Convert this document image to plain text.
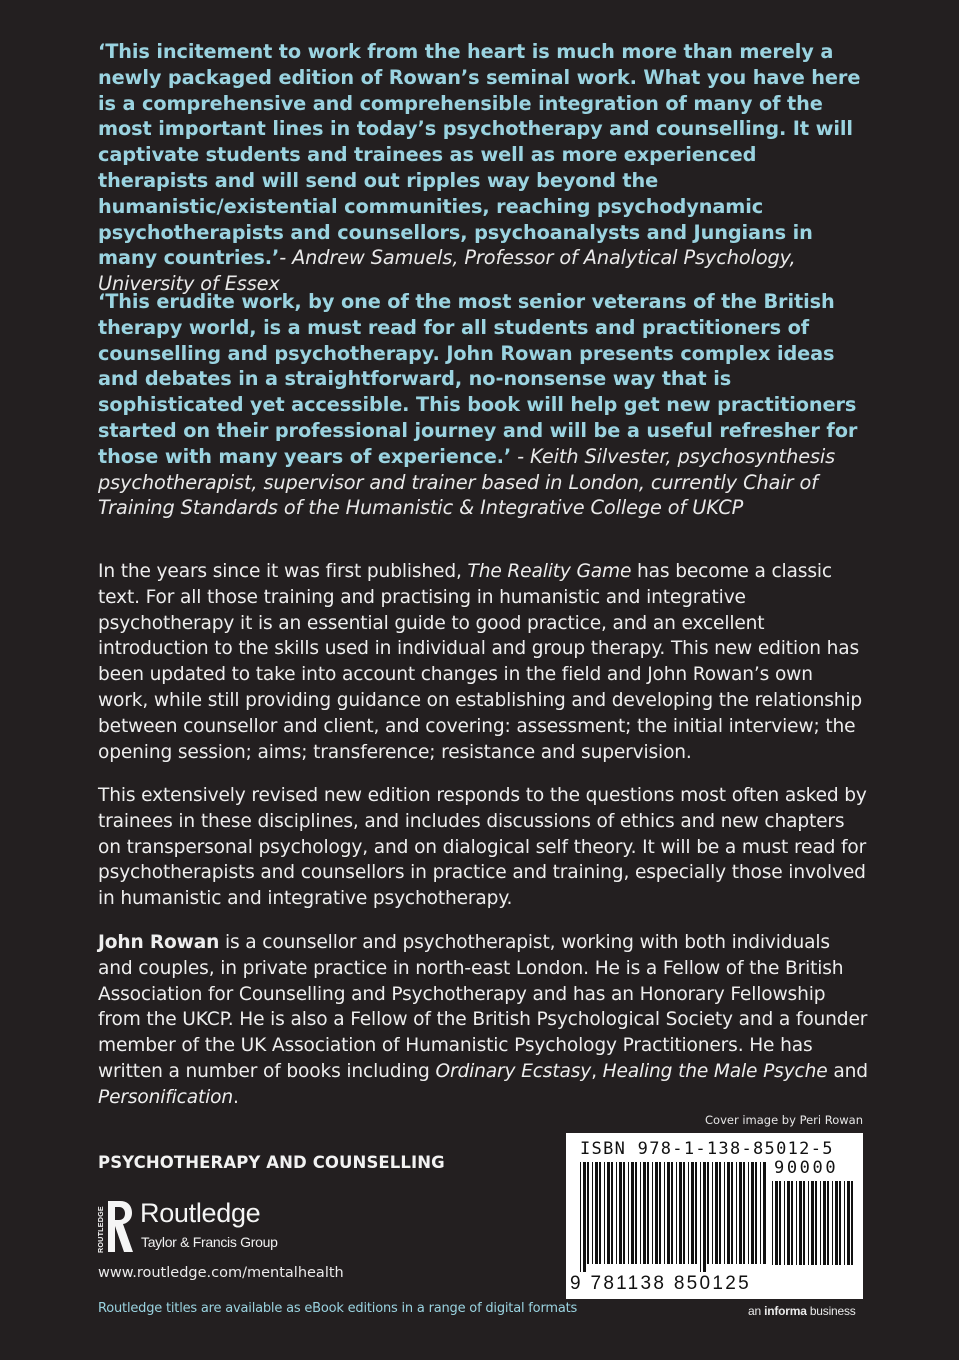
‘This incitement to work from the heart is much more than merely a newly packaged edition of Rowan’s seminal work. What you have here is a comprehensive and comprehensible integration of many of the most important lines in today’s psychotherapy and counselling. It will captivate students and trainees as well as more experienced therapists and will send out ripples way beyond the humanistic/existential communities, reaching psychodynamic psychotherapists and counsellors, psychoanalysts and Jungians in many countries.’- Andrew Samuels, Professor of Analytical Psychology, University of Essex
‘This erudite work, by one of the most senior veterans of the British therapy world, is a must read for all students and practitioners of counselling and psychotherapy. John Rowan presents complex ideas and debates in a straightforward, no-nonsense way that is sophisticated yet accessible. This book will help get new practitioners started on their professional journey and will be a useful refresher for those with many years of experience.’ - Keith Silvester, psychosynthesis psychotherapist, supervisor and trainer based in London, currently Chair of Training Standards of the Humanistic & Integrative College of UKCP
In the years since it was first published, The Reality Game has become a classic text. For all those training and practising in humanistic and integrative psychotherapy it is an essential guide to good practice, and an excellent introduction to the skills used in individual and group therapy. This new edition has been updated to take into account changes in the field and John Rowan’s own work, while still providing guidance on establishing and developing the relationship between counsellor and client, and covering: assessment; the initial interview; the opening session; aims; transference; resistance and supervision.
This extensively revised new edition responds to the questions most often asked by trainees in these disciplines, and includes discussions of ethics and new chapters on transpersonal psychology, and on dialogical self theory. It will be a must read for psychotherapists and counsellors in practice and training, especially those involved in humanistic and integrative psychotherapy.
John Rowan is a counsellor and psychotherapist, working with both individuals and couples, in private practice in north-east London. He is a Fellow of the British Association for Counselling and Psychotherapy and has an Honorary Fellowship from the UKCP. He is also a Fellow of the British Psychological Society and a founder member of the UK Association of Humanistic Psychology Practitioners. He has written a number of books including Ordinary Ecstasy, Healing the Male Psyche and Personification.
Cover image by Peri Rowan
PSYCHOTHERAPY AND COUNSELLING
ROUTLEDGE Routledge
Taylor & Francis Group
www.routledge.com/mentalhealth
Routledge titles are available as eBook editions in a range of digital formats
ISBN 978-1-138-85012-5
90000
9 781138 850125
an informa business
